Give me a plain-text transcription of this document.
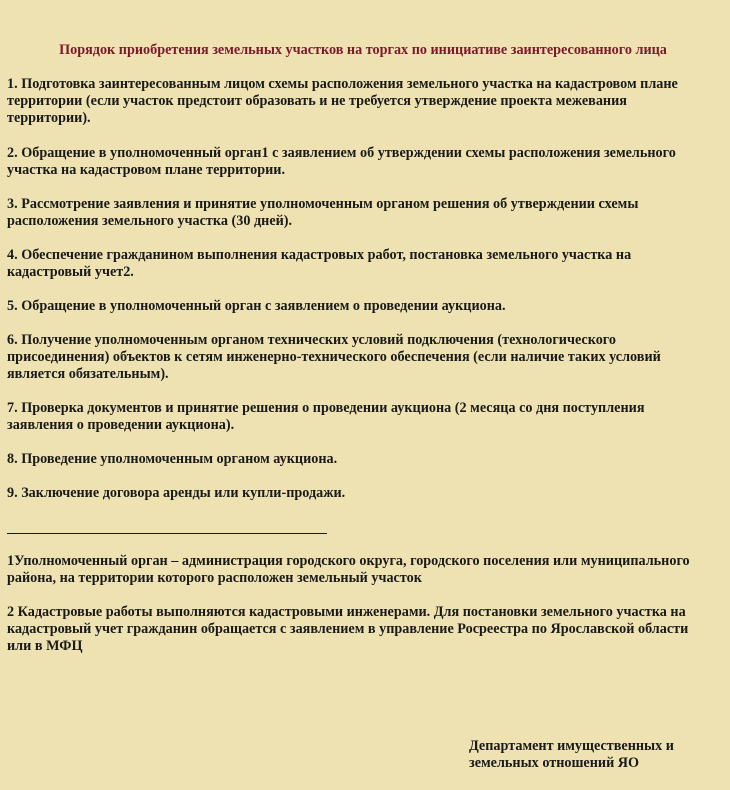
Порядок приобретения земельных участков на торгах по инициативе заинтересованного лица

1. Подготовка заинтересованным лицом схемы расположения земельного участка на кадастровом плане территории (если участок предстоит образовать и не требуется утверждение проекта межевания территории).

2. Обращение в уполномоченный орган1 с заявлением об утверждении схемы расположения земельного участка на кадастровом плане территории.

3. Рассмотрение заявления и принятие уполномоченным органом решения об утверждении схемы расположения земельного участка (30 дней).

4. Обеспечение гражданином выполнения кадастровых работ, постановка земельного участка на кадастровый учет2.

5. Обращение в уполномоченный орган с заявлением о проведении аукциона.

6. Получение уполномоченным органом технических условий подключения (технологического присоединения) объектов к сетям инженерно-технического обеспечения (если наличие таких условий является обязательным).

7. Проверка документов и принятие решения о проведении аукциона (2 месяца со дня поступления заявления о проведении аукциона).

8. Проведение уполномоченным органом аукциона.

9. Заключение договора аренды или купли-продажи.

1Уполномоченный орган – администрация городского округа, городского поселения или муниципального района, на территории которого расположен земельный участок

2 Кадастровые работы выполняются кадастровыми инженерами. Для постановки земельного участка на кадастровый учет гражданин обращается с заявлением в управление Росреестра по Ярославской области или в МФЦ

Департамент имущественных и
земельных отношений ЯО
